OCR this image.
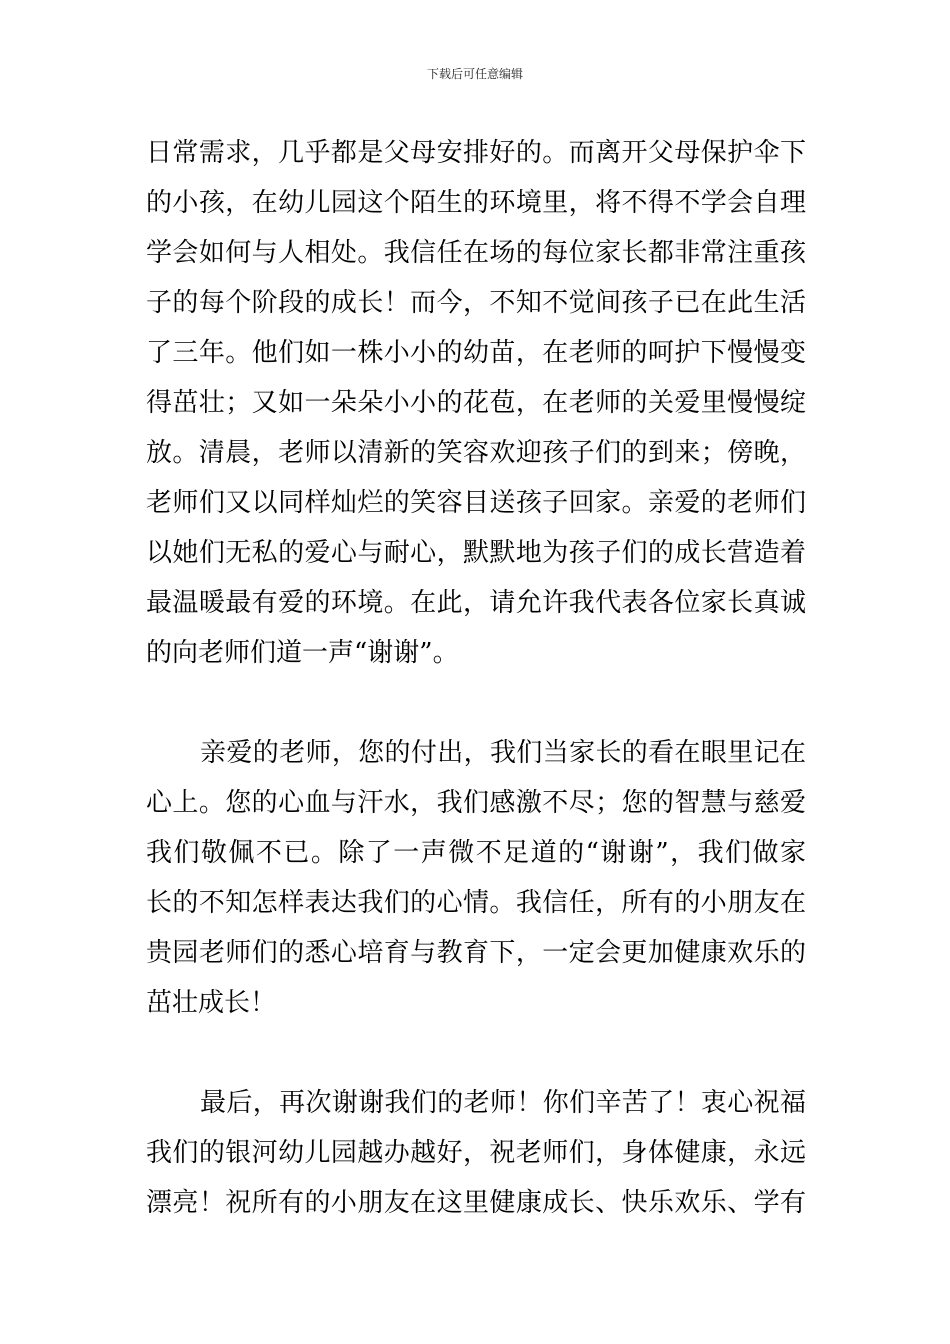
下载后可任意编辑
日常需求，几乎都是父母安排好的。而离开父母保护伞下
的小孩，在幼儿园这个陌生的环境里，将不得不学会自理
学会如何与人相处。我信任在场的每位家长都非常注重孩
子的每个阶段的成长！而今，不知不觉间孩子已在此生活
了三年。他们如一株小小的幼苗，在老师的呵护下慢慢变
得茁壮；又如一朵朵小小的花苞，在老师的关爱里慢慢绽
放。清晨，老师以清新的笑容欢迎孩子们的到来；傍晚，
老师们又以同样灿烂的笑容目送孩子回家。亲爱的老师们
以她们无私的爱心与耐心，默默地为孩子们的成长营造着
最温暖最有爱的环境。在此，请允许我代表各位家长真诚
的向老师们道一声“谢谢”。
亲爱的老师，您的付出，我们当家长的看在眼里记在
心上。您的心血与汗水，我们感激不尽；您的智慧与慈爱
我们敬佩不已。除了一声微不足道的“谢谢”，我们做家
长的不知怎样表达我们的心情。我信任，所有的小朋友在
贵园老师们的悉心培育与教育下，一定会更加健康欢乐的
茁壮成长！
最后，再次谢谢我们的老师！你们辛苦了！衷心祝福
我们的银河幼儿园越办越好，祝老师们，身体健康，永远
漂亮！祝所有的小朋友在这里健康成长、快乐欢乐、学有
